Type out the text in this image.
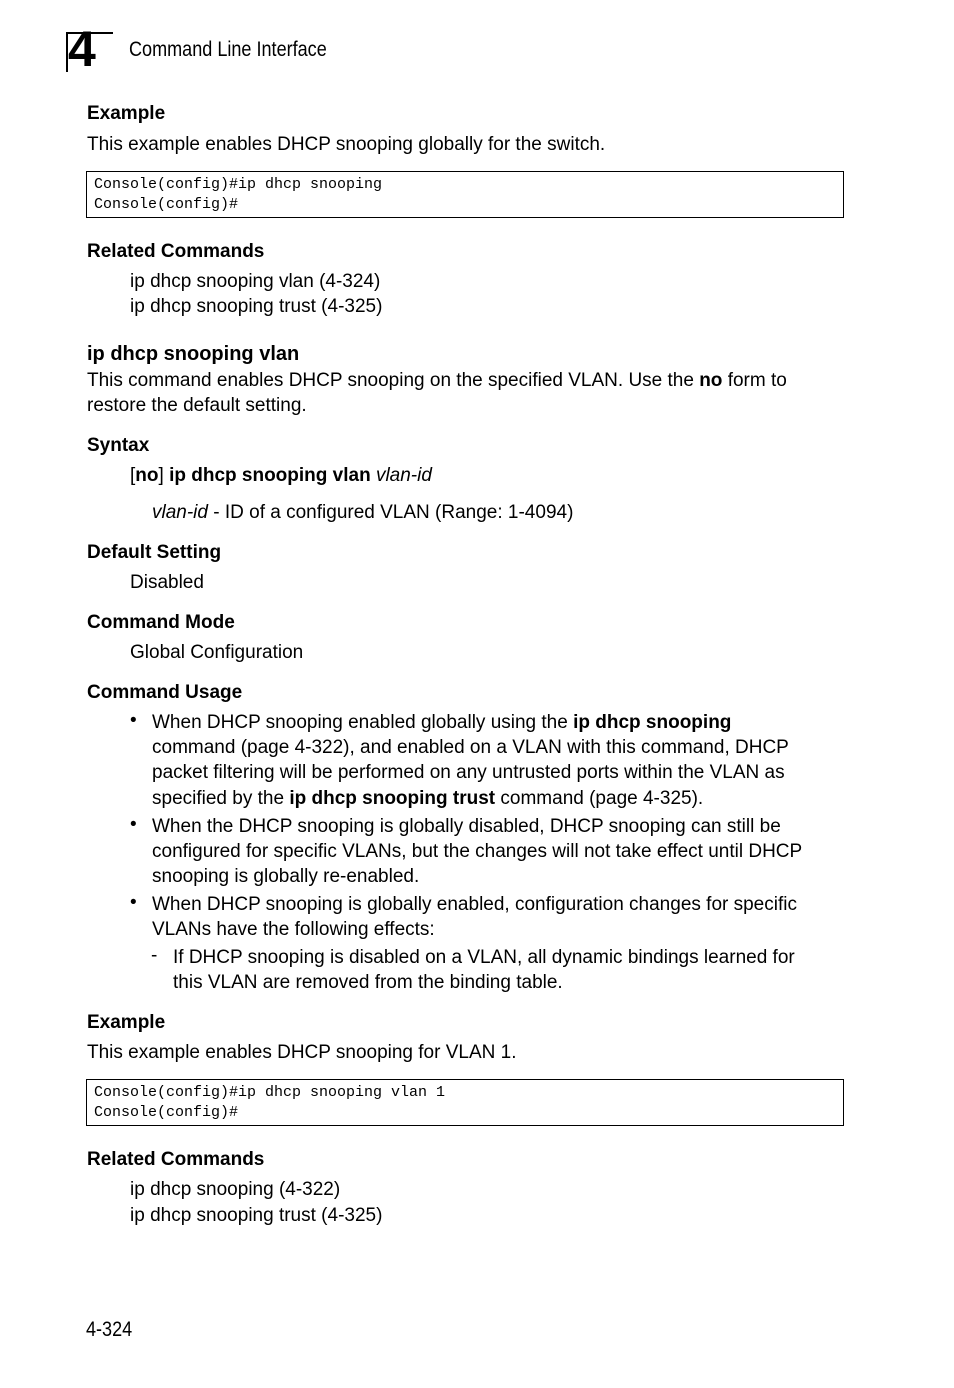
4 Command Line Interface
Example
This example enables DHCP snooping globally for the switch.
Console(config)#ip dhcp snooping
Console(config)#
Related Commands
ip dhcp snooping vlan (4-324)
ip dhcp snooping trust (4-325)
ip dhcp snooping vlan
This command enables DHCP snooping on the specified VLAN. Use the no form to
restore the default setting.
Syntax
[no] ip dhcp snooping vlan vlan-id
vlan-id - ID of a configured VLAN (Range: 1-4094)
Default Setting
Disabled
Command Mode
Global Configuration
Command Usage
• When DHCP snooping enabled globally using the ip dhcp snooping
command (page 4-322), and enabled on a VLAN with this command, DHCP
packet filtering will be performed on any untrusted ports within the VLAN as
specified by the ip dhcp snooping trust command (page 4-325).
• When the DHCP snooping is globally disabled, DHCP snooping can still be
configured for specific VLANs, but the changes will not take effect until DHCP
snooping is globally re-enabled.
• When DHCP snooping is globally enabled, configuration changes for specific
VLANs have the following effects:
- If DHCP snooping is disabled on a VLAN, all dynamic bindings learned for
this VLAN are removed from the binding table.
Example
This example enables DHCP snooping for VLAN 1.
Console(config)#ip dhcp snooping vlan 1
Console(config)#
Related Commands
ip dhcp snooping (4-322)
ip dhcp snooping trust (4-325)
4-324
